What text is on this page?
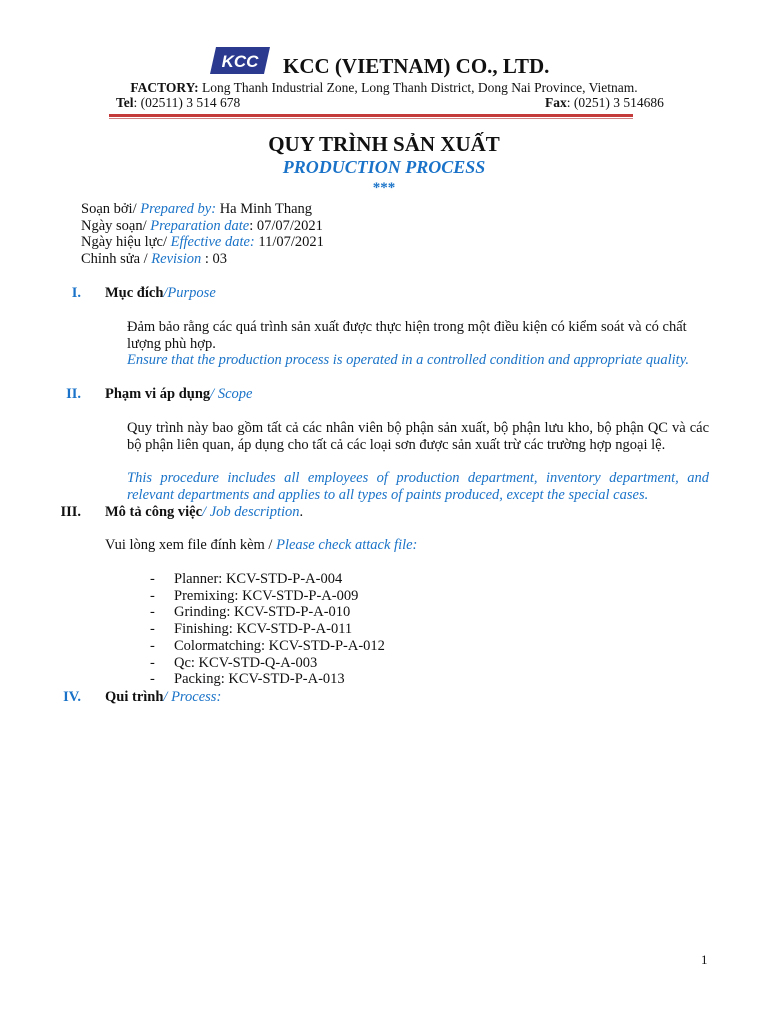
KCC KCC (VIETNAM) CO., LTD.
FACTORY: Long Thanh Industrial Zone, Long Thanh District, Dong Nai Province, Vietnam.
Tel: (02511) 3 514 678	Fax: (0251) 3 514686
QUY TRÌNH SẢN XUẤT
PRODUCTION PROCESS
***
Soạn bởi/ Prepared by: Ha Minh Thang
Ngày soạn/ Preparation date: 07/07/2021
Ngày hiệu lực/ Effective date: 11/07/2021
Chỉnh sửa / Revision : 03
I. Mục đích/Purpose
Đảm bảo rằng các quá trình sản xuất được thực hiện trong một điều kiện có kiểm soát và có chất lượng phù hợp.
Ensure that the production process is operated in a controlled condition and appropriate quality.
II. Phạm vi áp dụng/ Scope
Quy trình này bao gồm tất cả các nhân viên bộ phận sản xuất, bộ phận lưu kho, bộ phận QC và các bộ phận liên quan, áp dụng cho tất cả các loại sơn được sản xuất trừ các trường hợp ngoại lệ.
This procedure includes all employees of production department, inventory department, and relevant departments and applies to all types of paints produced, except the special cases.
III. Mô tả công việc/ Job description.
Vui lòng xem file đính kèm / Please check attack file:
- Planner: KCV-STD-P-A-004
- Premixing: KCV-STD-P-A-009
- Grinding: KCV-STD-P-A-010
- Finishing: KCV-STD-P-A-011
- Colormatching: KCV-STD-P-A-012
- Qc: KCV-STD-Q-A-003
- Packing: KCV-STD-P-A-013
IV. Qui trình/ Process:
1
